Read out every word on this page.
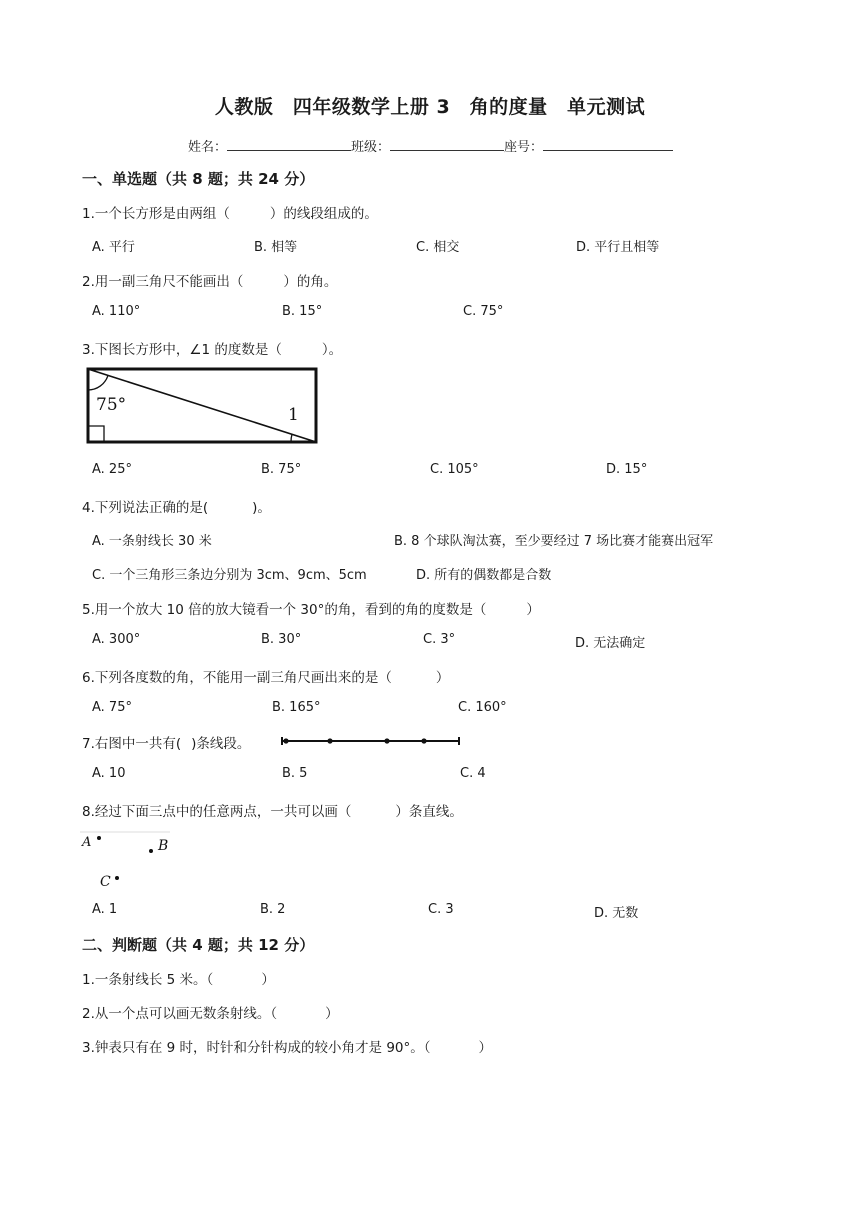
人教版　四年级数学上册 3　角的度量　单元测试
姓名：	班级：	座号：
一、单选题（共 8 题；共 24 分）
1.一个长方形是由两组（	）的线段组成的。
A. 平行	B. 相等	C. 相交	D. 平行且相等
2.用一副三角尺不能画出（	）的角。
A. 110°	B. 15°	C. 75°
3.下图长方形中，∠1 的度数是（	）。
75°	1
A. 25°	B. 75°	C. 105°	D. 15°
4.下列说法正确的是(	)。
A. 一条射线长 30 米	B. 8 个球队淘汰赛，至少要经过 7 场比赛才能赛出冠军
C. 一个三角形三条边分别为 3cm、9cm、5cm	D. 所有的偶数都是合数
5.用一个放大 10 倍的放大镜看一个 30°的角，看到的角的度数是（	）
A. 300°	B. 30°	C. 3°	D. 无法确定
6.下列各度数的角，不能用一副三角尺画出来的是（	）
A. 75°	B. 165°	C. 160°
7.右图中一共有( )条线段。
A. 10	B. 5	C. 4
8.经过下面三点中的任意两点，一共可以画（	）条直线。
A	B
C
A. 1	B. 2	C. 3	D. 无数
二、判断题（共 4 题；共 12 分）
1.一条射线长 5 米。（	）
2.从一个点可以画无数条射线。（	）
3.钟表只有在 9 时，时针和分针构成的较小角才是 90°。（	）
